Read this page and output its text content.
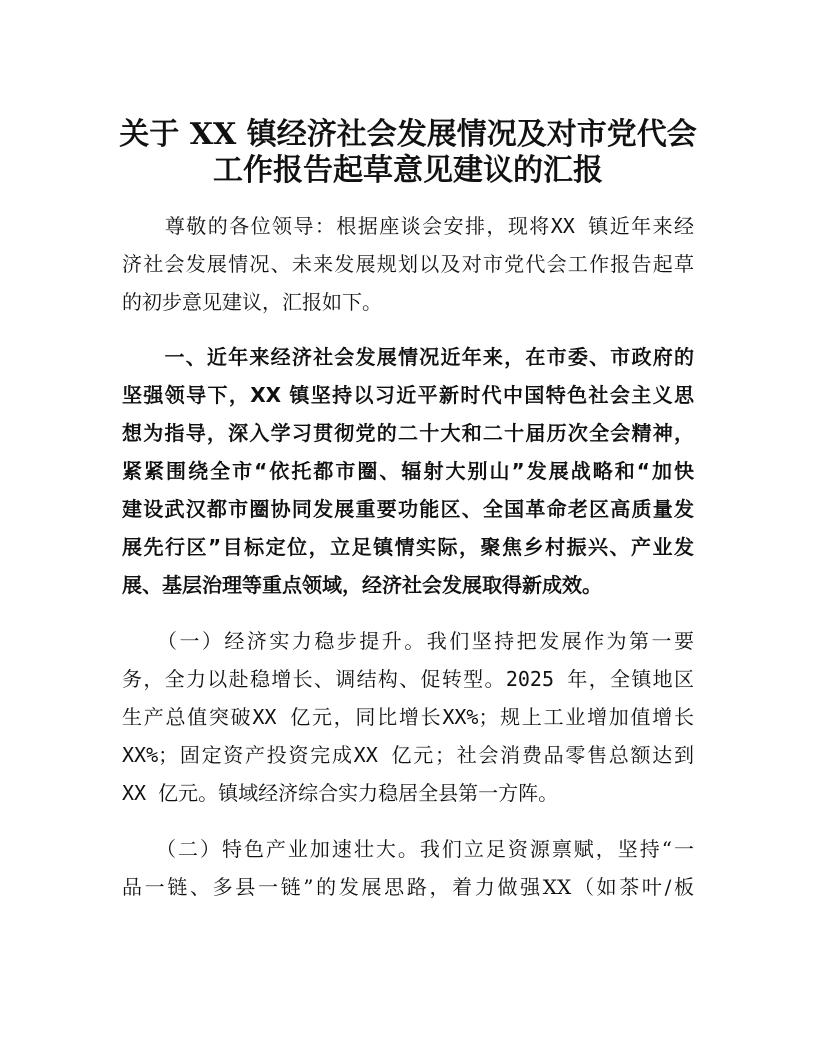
关于 XX 镇经济社会发展情况及对市党代会
工作报告起草意见建议的汇报
　　尊敬的各位领导：根据座谈会安排，现将XX 镇近年来经
济社会发展情况、未来发展规划以及对市党代会工作报告起草
的初步意见建议，汇报如下。
　　一、近年来经济社会发展情况近年来，在市委、市政府的
坚强领导下，XX 镇坚持以习近平新时代中国特色社会主义思
想为指导，深入学习贯彻党的二十大和二十届历次全会精神，
紧紧围绕全市“依托都市圈、辐射大别山”发展战略和“加快
建设武汉都市圈协同发展重要功能区、全国革命老区高质量发
展先行区”目标定位，立足镇情实际，聚焦乡村振兴、产业发
展、基层治理等重点领域，经济社会发展取得新成效。
　　（一）经济实力稳步提升。我们坚持把发展作为第一要
务，全力以赴稳增长、调结构、促转型。2025 年，全镇地区
生产总值突破XX 亿元，同比增长XX%；规上工业增加值增长
XX%；固定资产投资完成XX 亿元；社会消费品零售总额达到
XX 亿元。镇域经济综合实力稳居全县第一方阵。
　　（二）特色产业加速壮大。我们立足资源禀赋，坚持“一
品一链、多县一链”的发展思路，着力做强XX（如茶叶/板
